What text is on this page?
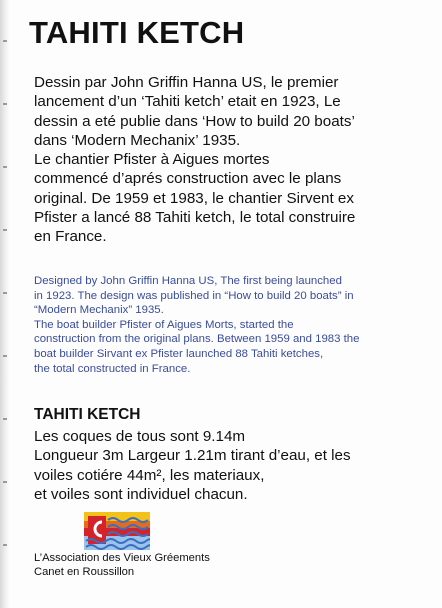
TAHITI KETCH
Dessin par John Griffin Hanna US, le premier
lancement d’un ‘Tahiti ketch’ etait en 1923, Le
dessin a eté publie dans ‘How to build 20 boats’
dans ‘Modern Mechanix’ 1935.
Le chantier Pfister à Aigues mortes
commencé d’aprés construction avec le plans
original. De 1959 et 1983, le chantier Sirvent ex
Pfister a lancé 88 Tahiti ketch, le total construire
en France.
Designed by John Griffin Hanna US, The first being launched
in 1923. The design was published in “How to build 20 boats” in
“Modern Mechanix” 1935.
The boat builder Pfister of Aigues Morts, started the
construction from the original plans. Between 1959 and 1983 the
boat builder Sirvant ex Pfister launched 88 Tahiti ketches,
the total constructed in France.
TAHITI KETCH
Les coques de tous sont 9.14m
Longueur 3m Largeur 1.21m tirant d’eau, et les
voiles cotiére 44m², les materiaux,
et voiles sont individuel chacun.
L’Association des Vieux Gréements
Canet en Roussillon
